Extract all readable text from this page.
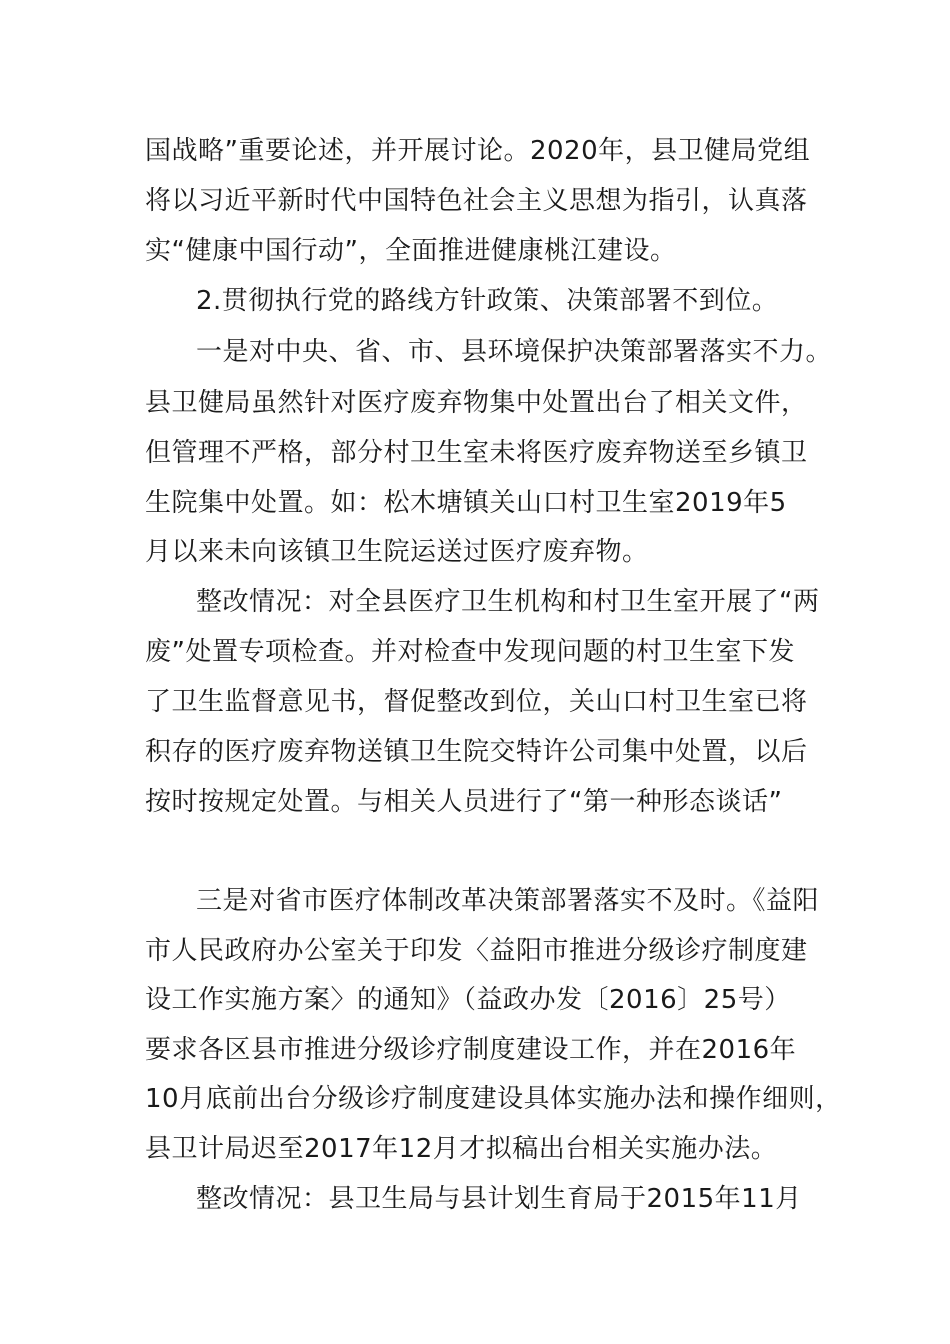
国战略”重要论述，并开展讨论。2020年，县卫健局党组

将以习近平新时代中国特色社会主义思想为指引，认真落

实“健康中国行动”，全面推进健康桃江建设。

2.贯彻执行党的路线方针政策、决策部署不到位。

一是对中央、省、市、县环境保护决策部署落实不力。

县卫健局虽然针对医疗废弃物集中处置出台了相关文件，

但管理不严格，部分村卫生室未将医疗废弃物送至乡镇卫

生院集中处置。如：松木塘镇关山口村卫生室2019年5

月以来未向该镇卫生院运送过医疗废弃物。

整改情况：对全县医疗卫生机构和村卫生室开展了“两

废”处置专项检查。并对检查中发现问题的村卫生室下发

了卫生监督意见书，督促整改到位，关山口村卫生室已将

积存的医疗废弃物送镇卫生院交特许公司集中处置，以后

按时按规定处置。与相关人员进行了“第一种形态谈话”

三是对省市医疗体制改革决策部署落实不及时。《益阳

市人民政府办公室关于印发〈益阳市推进分级诊疗制度建

设工作实施方案〉的通知》（益政办发〔2016〕25号）

要求各区县市推进分级诊疗制度建设工作，并在2016年

10月底前出台分级诊疗制度建设具体实施办法和操作细则，

县卫计局迟至2017年12月才拟稿出台相关实施办法。

整改情况：县卫生局与县计划生育局于2015年11月
